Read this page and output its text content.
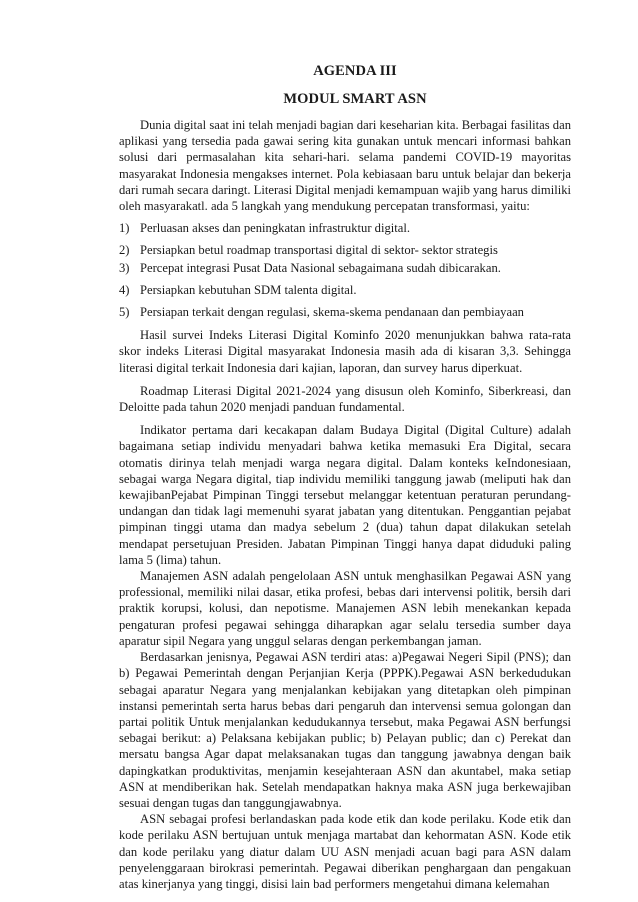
AGENDA III
MODUL SMART ASN

Dunia digital saat ini telah menjadi bagian dari keseharian kita. Berbagai fasilitas dan aplikasi yang tersedia pada gawai sering kita gunakan untuk mencari informasi bahkan solusi dari permasalahan kita sehari-hari. selama pandemi COVID-19 mayoritas masyarakat Indonesia mengakses internet. Pola kebiasaan baru untuk belajar dan bekerja dari rumah secara daringt. Literasi Digital menjadi kemampuan wajib yang harus dimiliki oleh masyarakatl. ada 5 langkah yang mendukung percepatan transformasi, yaitu:

1) Perluasan akses dan peningkatan infrastruktur digital.
2) Persiapkan betul roadmap transportasi digital di sektor- sektor strategis
3) Percepat integrasi Pusat Data Nasional sebagaimana sudah dibicarakan.
4) Persiapkan kebutuhan SDM talenta digital.
5) Persiapan terkait dengan regulasi, skema-skema pendanaan dan pembiayaan

Hasil survei Indeks Literasi Digital Kominfo 2020 menunjukkan bahwa rata-rata skor indeks Literasi Digital masyarakat Indonesia masih ada di kisaran 3,3. Sehingga literasi digital terkait Indonesia dari kajian, laporan, dan survey harus diperkuat.

Roadmap Literasi Digital 2021-2024 yang disusun oleh Kominfo, Siberkreasi, dan Deloitte pada tahun 2020 menjadi panduan fundamental.

Indikator pertama dari kecakapan dalam Budaya Digital (Digital Culture) adalah bagaimana setiap individu menyadari bahwa ketika memasuki Era Digital, secara otomatis dirinya telah menjadi warga negara digital. Dalam konteks keIndonesiaan, sebagai warga Negara digital, tiap individu memiliki tanggung jawab (meliputi hak dan kewajibanPejabat Pimpinan Tinggi tersebut melanggar ketentuan peraturan perundang-undangan dan tidak lagi memenuhi syarat jabatan yang ditentukan. Penggantian pejabat pimpinan tinggi utama dan madya sebelum 2 (dua) tahun dapat dilakukan setelah mendapat persetujuan Presiden. Jabatan Pimpinan Tinggi hanya dapat diduduki paling lama 5 (lima) tahun.

Manajemen ASN adalah pengelolaan ASN untuk menghasilkan Pegawai ASN yang professional, memiliki nilai dasar, etika profesi, bebas dari intervensi politik, bersih dari praktik korupsi, kolusi, dan nepotisme. Manajemen ASN lebih menekankan kepada pengaturan profesi pegawai sehingga diharapkan agar selalu tersedia sumber daya aparatur sipil Negara yang unggul selaras dengan perkembangan jaman.

Berdasarkan jenisnya, Pegawai ASN terdiri atas: a)Pegawai Negeri Sipil (PNS); dan b) Pegawai Pemerintah dengan Perjanjian Kerja (PPPK).Pegawai ASN berkedudukan sebagai aparatur Negara yang menjalankan kebijakan yang ditetapkan oleh pimpinan instansi pemerintah serta harus bebas dari pengaruh dan intervensi semua golongan dan partai politik Untuk menjalankan kedudukannya tersebut, maka Pegawai ASN berfungsi sebagai berikut: a) Pelaksana kebijakan public; b) Pelayan public; dan c) Perekat dan mersatu bangsa Agar dapat melaksanakan tugas dan tanggung jawabnya dengan baik dapingkatkan produktivitas, menjamin kesejahteraan ASN dan akuntabel, maka setiap ASN at mendiberikan hak. Setelah mendapatkan haknya maka ASN juga berkewajiban sesuai dengan tugas dan tanggungjawabnya.

ASN sebagai profesi berlandaskan pada kode etik dan kode perilaku. Kode etik dan kode perilaku ASN bertujuan untuk menjaga martabat dan kehormatan ASN. Kode etik dan kode perilaku yang diatur dalam UU ASN menjadi acuan bagi para ASN dalam penyelenggaraan birokrasi pemerintah. Pegawai diberikan penghargaan dan pengakuan atas kinerjanya yang tinggi, disisi lain bad performers mengetahui dimana kelemahan
